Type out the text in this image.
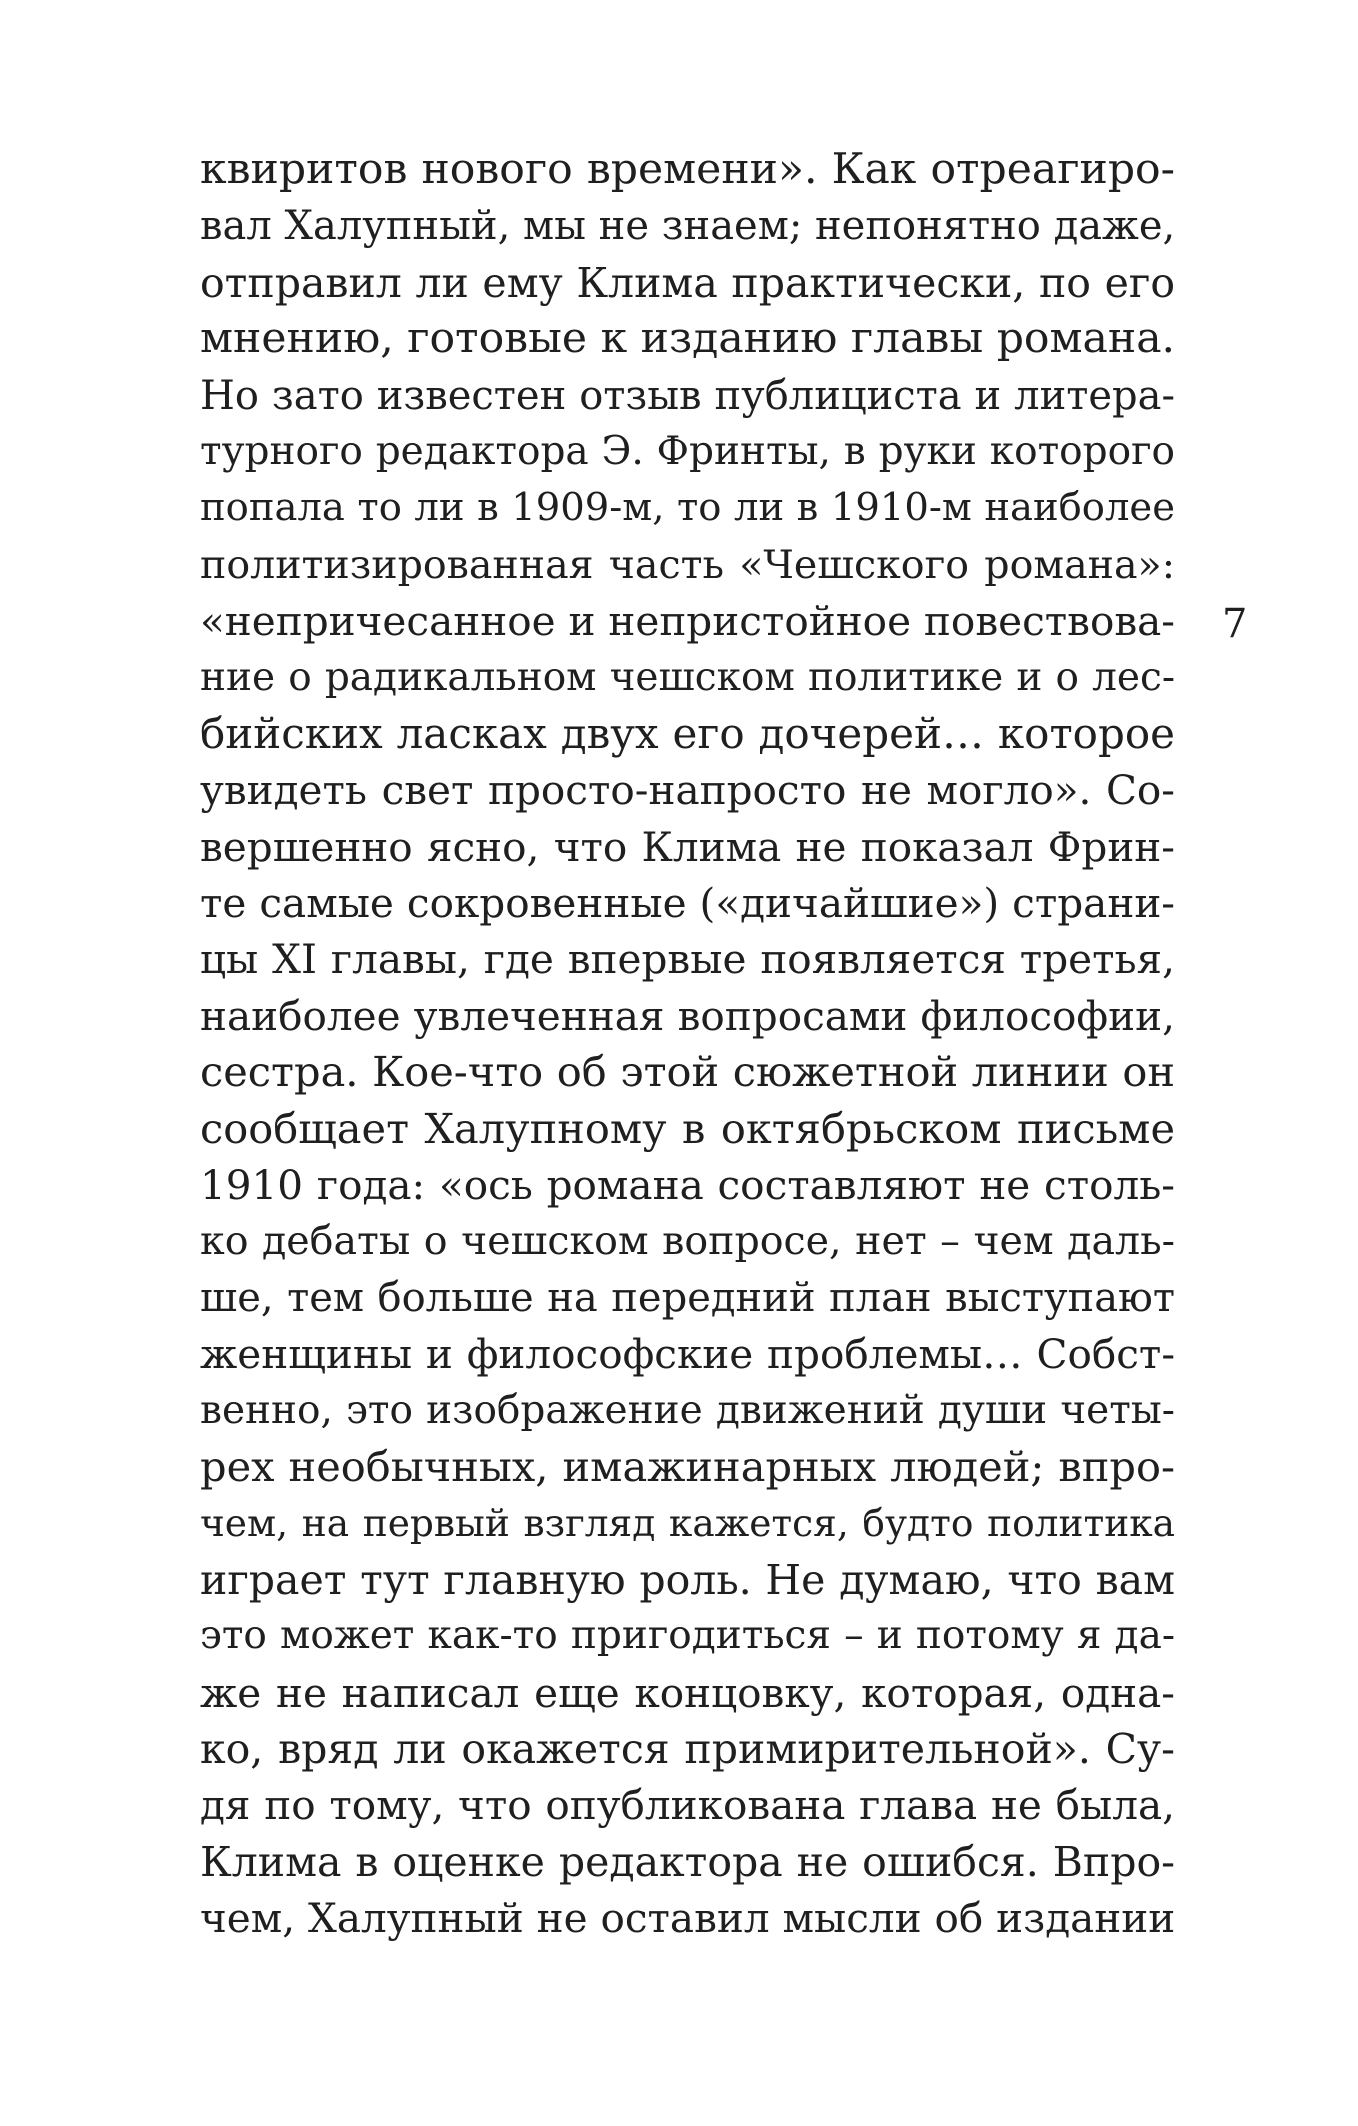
квиритов нового времени». Как отреагиро-
вал Халупный, мы не знаем; непонятно даже,
отправил ли ему Клима практически, по его
мнению, готовые к изданию главы романа.
Но зато известен отзыв публициста и литера-
турного редактора Э. Фринты, в руки которого
попала то ли в 1909-м, то ли в 1910-м наиболее
политизированная часть «Чешского романа»:
«непричесанное и непристойное повествова-
ние о радикальном чешском политике и о лес-
бийских ласках двух его дочерей… которое
увидеть свет просто-напросто не могло». Со-
вершенно ясно, что Клима не показал Фрин-
те самые сокровенные («дичайшие») страни-
цы XI главы, где впервые появляется третья,
наиболее увлеченная вопросами философии,
сестра. Кое-что об этой сюжетной линии он
сообщает Халупному в октябрьском письме
1910 года: «ось романа составляют не столь-
ко дебаты о чешском вопросе, нет – чем даль-
ше, тем больше на передний план выступают
женщины и философские проблемы… Собст-
венно, это изображение движений души четы-
рех необычных, имажинарных людей; впро-
чем, на первый взгляд кажется, будто политика
играет тут главную роль. Не думаю, что вам
это может как-то пригодиться – и потому я да-
же не написал еще концовку, которая, одна-
ко, вряд ли окажется примирительной». Су-
дя по тому, что опубликована глава не была,
Клима в оценке редактора не ошибся. Впро-
чем, Халупный не оставил мысли об издании
7
